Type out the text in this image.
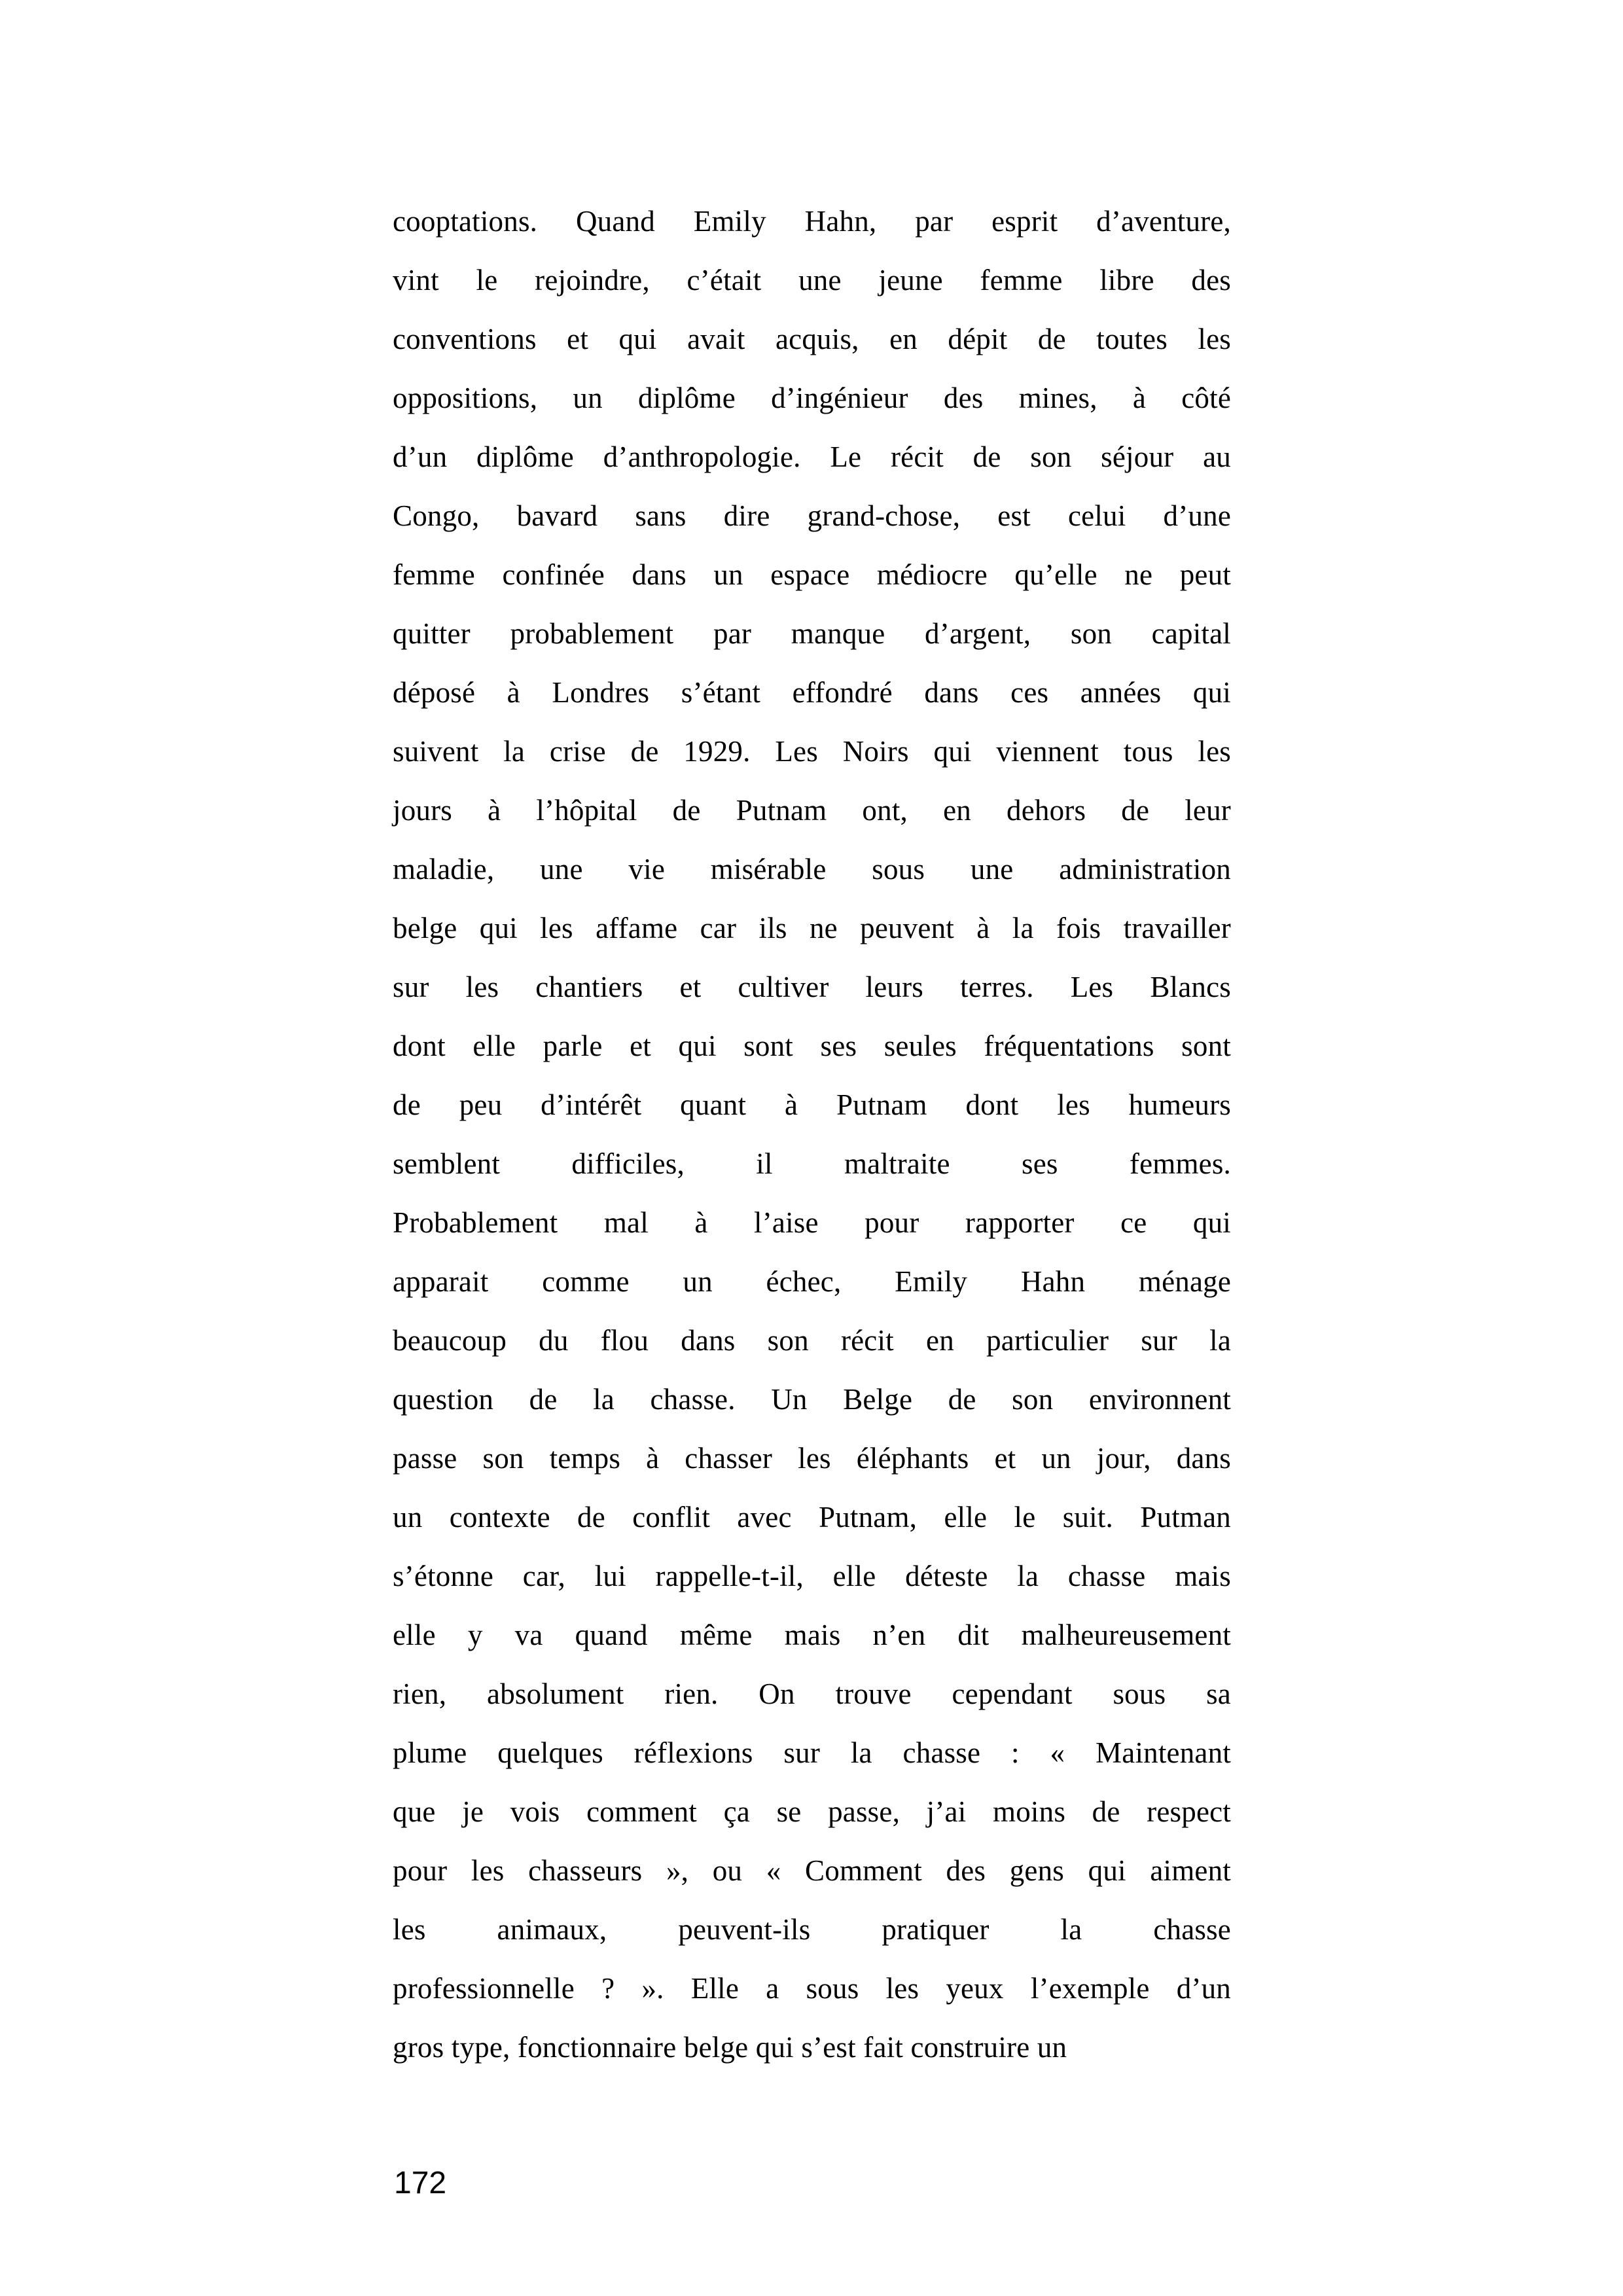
cooptations. Quand Emily Hahn, par esprit d’aventure,
vint le rejoindre, c’était une jeune femme libre des
conventions et qui avait acquis, en dépit de toutes les
oppositions, un diplôme d’ingénieur des mines, à côté
d’un diplôme d’anthropologie. Le récit de son séjour au
Congo, bavard sans dire grand-chose, est celui d’une
femme confinée dans un espace médiocre qu’elle ne peut
quitter probablement par manque d’argent, son capital
déposé à Londres s’étant effondré dans ces années qui
suivent la crise de 1929. Les Noirs qui viennent tous les
jours à l’hôpital de Putnam ont, en dehors de leur
maladie, une vie misérable sous une administration
belge qui les affame car ils ne peuvent à la fois travailler
sur les chantiers et cultiver leurs terres. Les Blancs
dont elle parle et qui sont ses seules fréquentations sont
de peu d’intérêt quant à Putnam dont les humeurs
semblent difficiles, il maltraite ses femmes.
Probablement mal à l’aise pour rapporter ce qui
apparait comme un échec, Emily Hahn ménage
beaucoup du flou dans son récit en particulier sur la
question de la chasse. Un Belge de son environnent
passe son temps à chasser les éléphants et un jour, dans
un contexte de conflit avec Putnam, elle le suit. Putman
s’étonne car, lui rappelle-t-il, elle déteste la chasse mais
elle y va quand même mais n’en dit malheureusement
rien, absolument rien. On trouve cependant sous sa
plume quelques réflexions sur la chasse : « Maintenant
que je vois comment ça se passe, j’ai moins de respect
pour les chasseurs », ou « Comment des gens qui aiment
les animaux, peuvent-ils pratiquer la chasse
professionnelle ? ». Elle a sous les yeux l’exemple d’un
gros type, fonctionnaire belge qui s’est fait construire un
172
